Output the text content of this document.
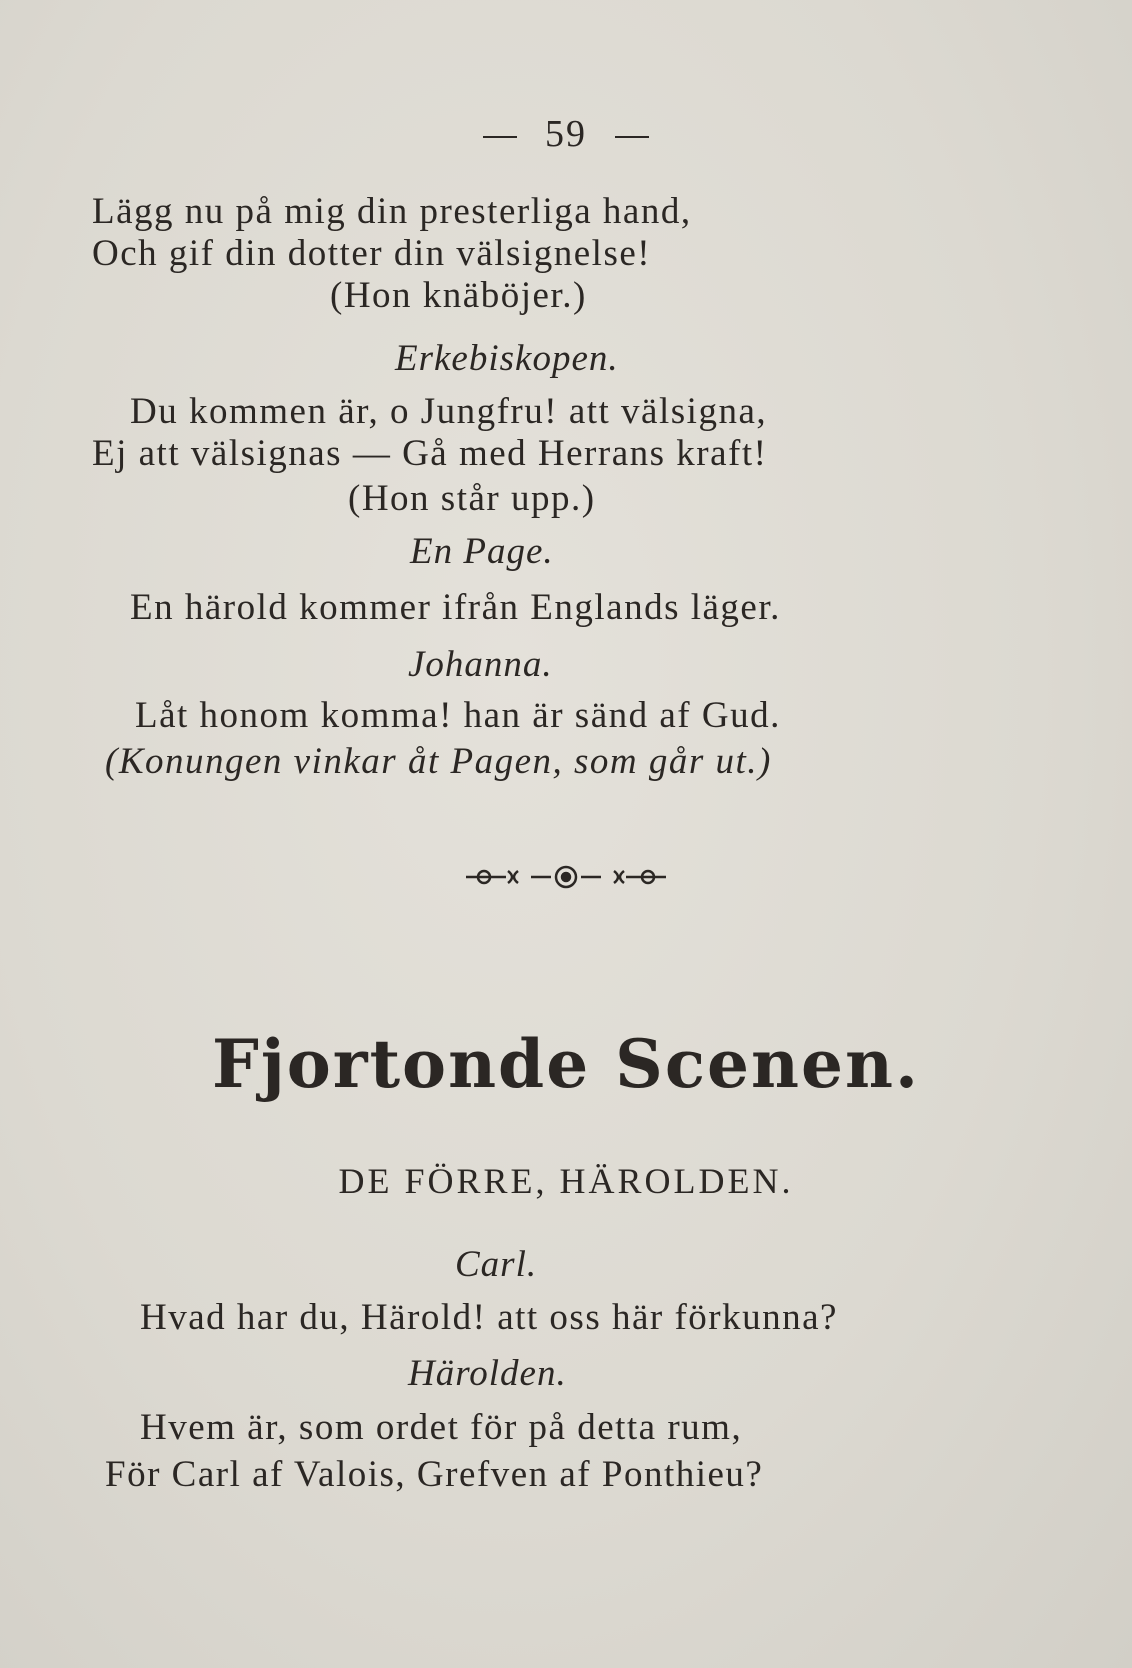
59
Lägg nu på mig din presterliga hand,
Och gif din dotter din välsignelse!
(Hon knäböjer.)
Erkebiskopen.
Du kommen är, o Jungfru! att välsigna,
Ej att välsignas — Gå med Herrans kraft!
(Hon står upp.)
En Page.
En härold kommer ifrån Englands läger.
Johanna.
Låt honom komma! han är sänd af Gud.
(Konungen vinkar åt Pagen, som går ut.)
Fjortonde Scenen.
DE FÖRRE, HÄROLDEN.
Carl.
Hvad har du, Härold! att oss här förkunna?
Härolden.
Hvem är, som ordet för på detta rum,
För Carl af Valois, Grefven af Ponthieu?
